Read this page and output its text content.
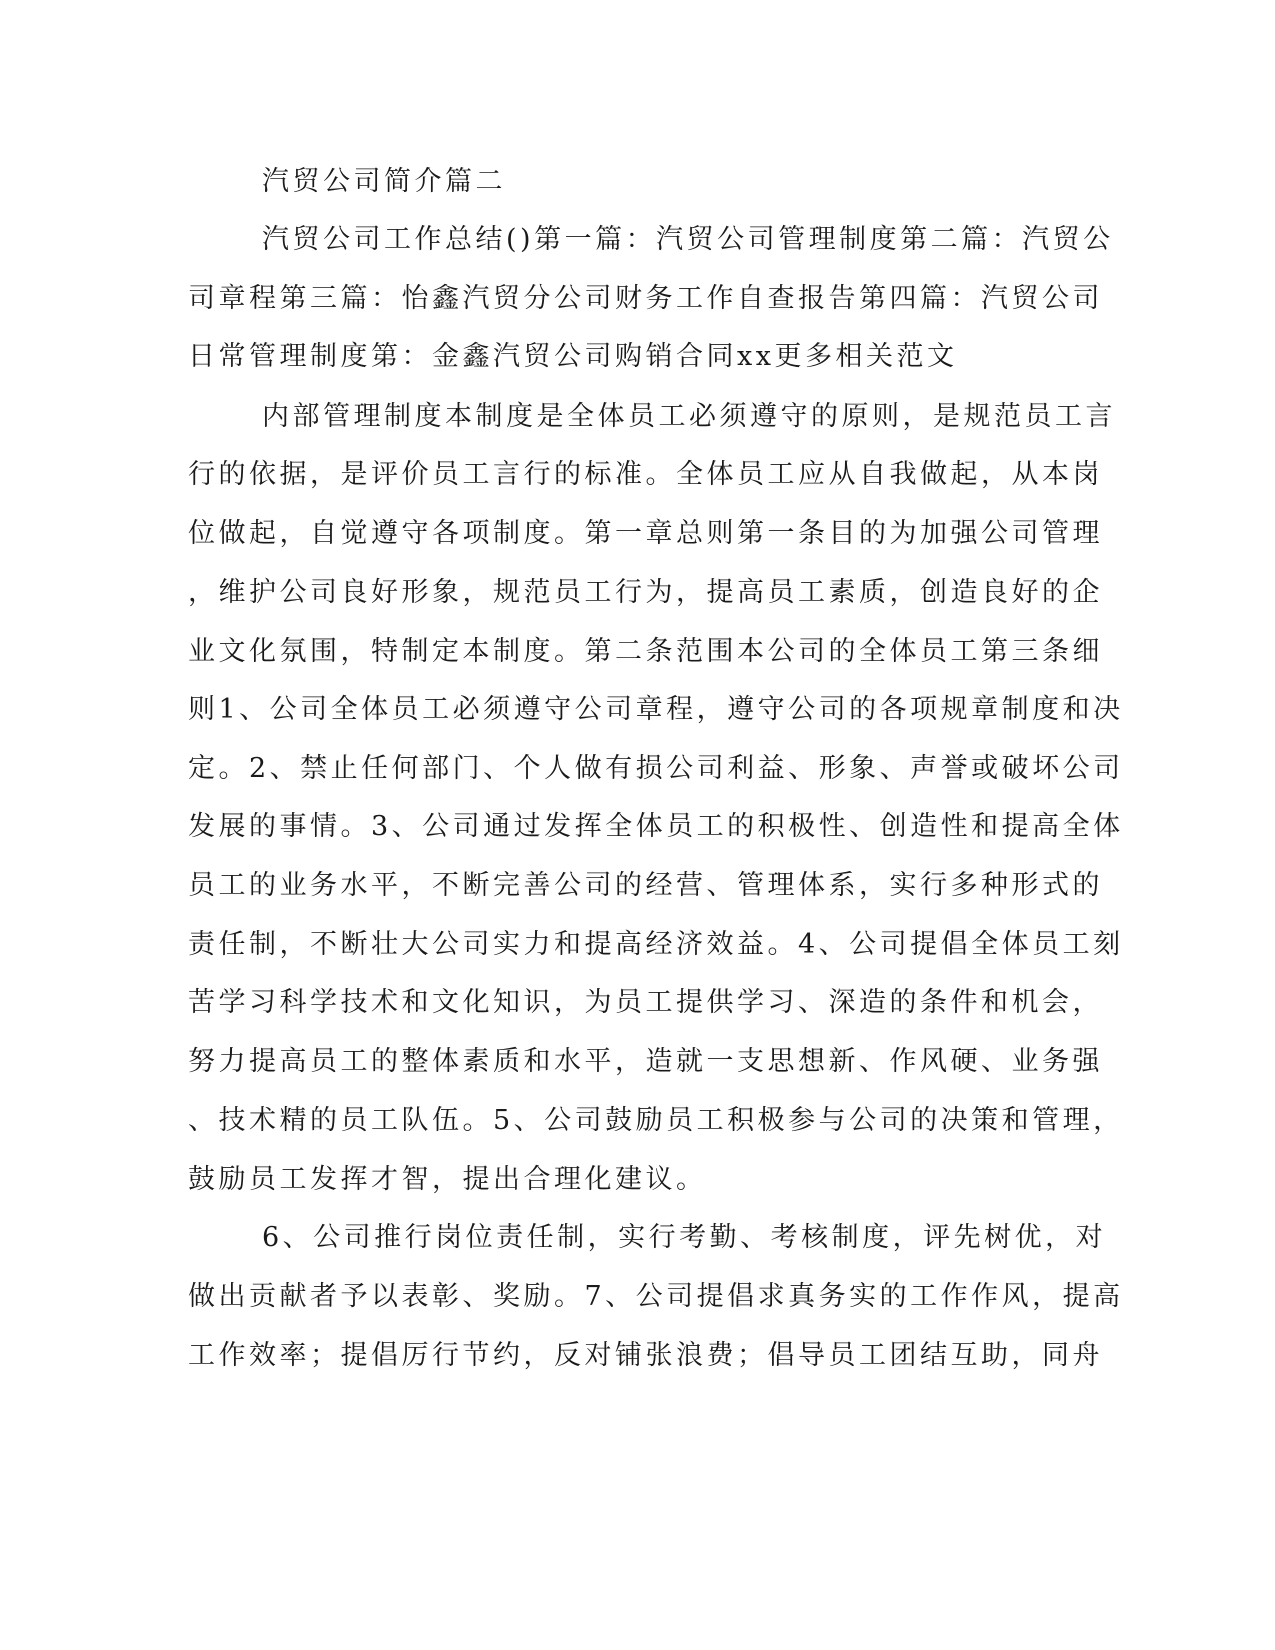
汽贸公司简介篇二
汽贸公司工作总结()第一篇：汽贸公司管理制度第二篇：汽贸公
司章程第三篇：怡鑫汽贸分公司财务工作自查报告第四篇：汽贸公司
日常管理制度第：金鑫汽贸公司购销合同xx更多相关范文
内部管理制度本制度是全体员工必须遵守的原则，是规范员工言
行的依据，是评价员工言行的标准。全体员工应从自我做起，从本岗
位做起，自觉遵守各项制度。第一章总则第一条目的为加强公司管理
，维护公司良好形象，规范员工行为，提高员工素质，创造良好的企
业文化氛围，特制定本制度。第二条范围本公司的全体员工第三条细
则1、公司全体员工必须遵守公司章程，遵守公司的各项规章制度和决
定。2、禁止任何部门、个人做有损公司利益、形象、声誉或破坏公司
发展的事情。3、公司通过发挥全体员工的积极性、创造性和提高全体
员工的业务水平，不断完善公司的经营、管理体系，实行多种形式的
责任制，不断壮大公司实力和提高经济效益。4、公司提倡全体员工刻
苦学习科学技术和文化知识，为员工提供学习、深造的条件和机会，
努力提高员工的整体素质和水平，造就一支思想新、作风硬、业务强
、技术精的员工队伍。5、公司鼓励员工积极参与公司的决策和管理，
鼓励员工发挥才智，提出合理化建议。
6、公司推行岗位责任制，实行考勤、考核制度，评先树优，对
做出贡献者予以表彰、奖励。7、公司提倡求真务实的工作作风，提高
工作效率；提倡厉行节约，反对铺张浪费；倡导员工团结互助，同舟
